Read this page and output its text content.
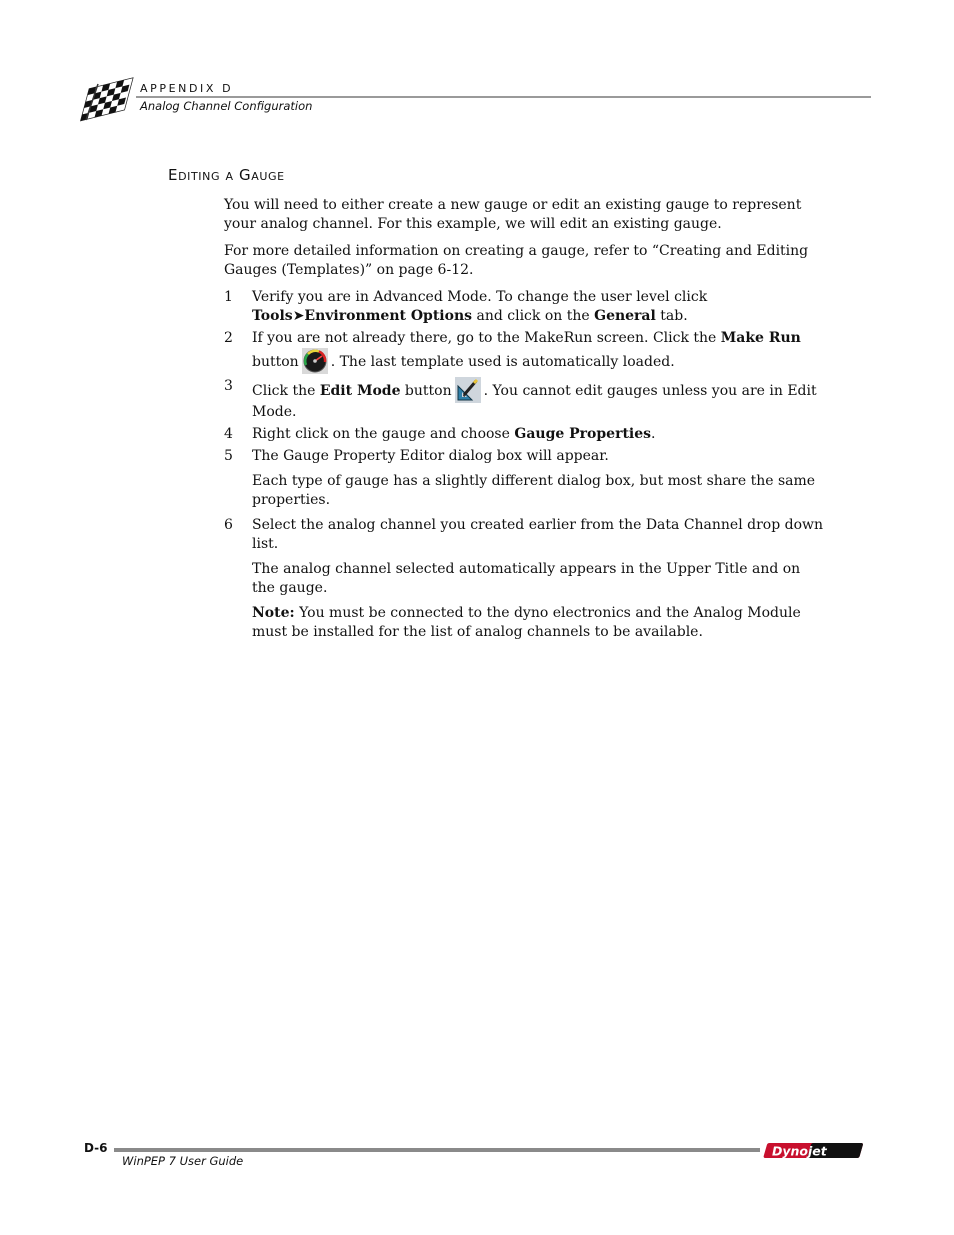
APPENDIX D
Analog Channel Configuration
Editing a Gauge

You will need to either create a new gauge or edit an existing gauge to represent your analog channel. For this example, we will edit an existing gauge.

For more detailed information on creating a gauge, refer to “Creating and Editing Gauges (Templates)” on page 6-12.

1 Verify you are in Advanced Mode. To change the user level click
Tools➤Environment Options and click on the General tab.
2 If you are not already there, go to the MakeRun screen. Click the Make Run
button . The last template used is automatically loaded.
3 Click the Edit Mode button . You cannot edit gauges unless you are in Edit Mode.
4 Right click on the gauge and choose Gauge Properties.
5 The Gauge Property Editor dialog box will appear.
Each type of gauge has a slightly different dialog box, but most share the same properties.
6 Select the analog channel you created earlier from the Data Channel drop down list.
The analog channel selected automatically appears in the Upper Title and on the gauge.
Note: You must be connected to the dyno electronics and the Analog Module must be installed for the list of analog channels to be available.
D-6
WinPEP 7 User Guide
Dynojet
